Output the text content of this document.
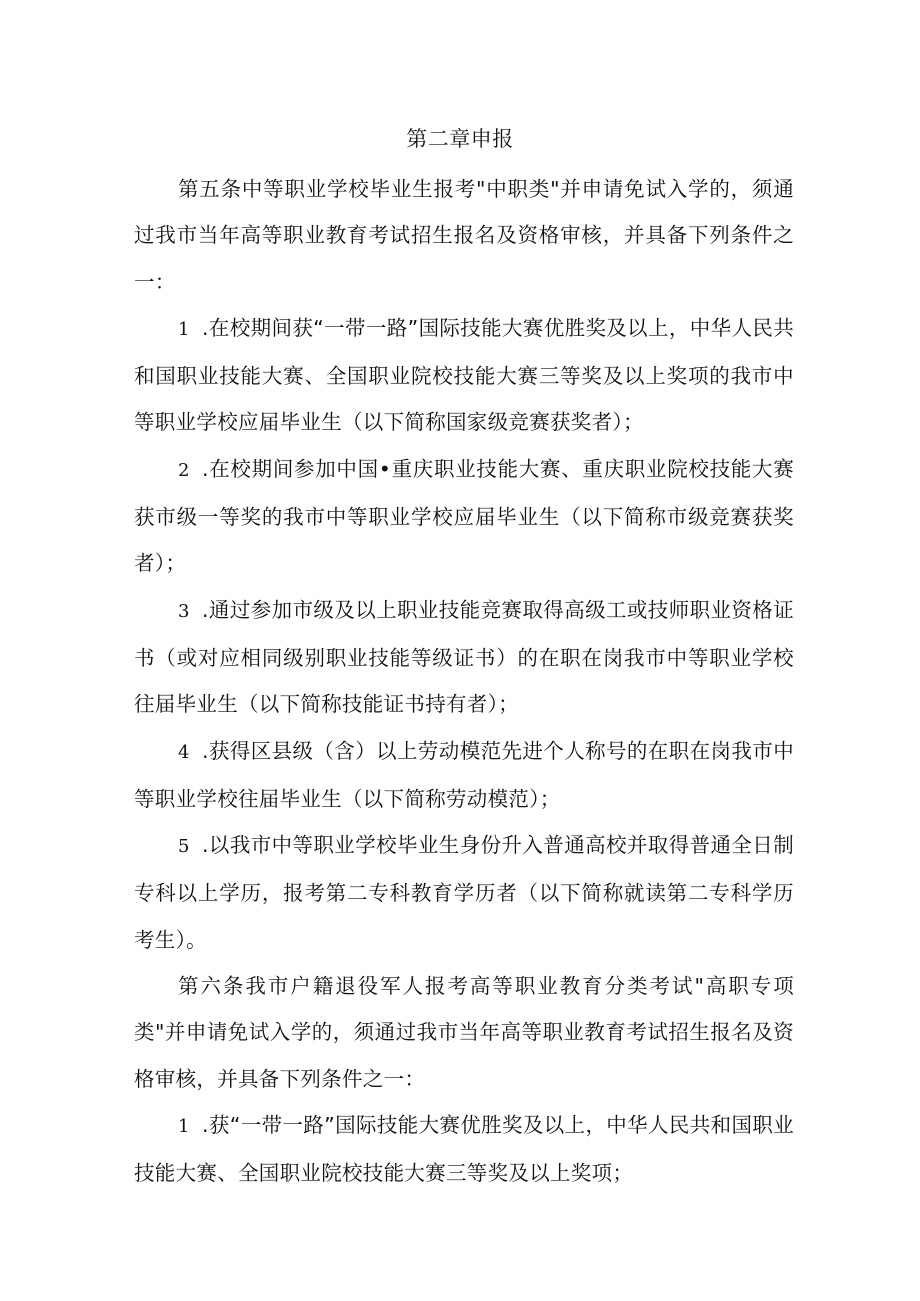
第二章申报

第五条中等职业学校毕业生报考"中职类"并申请免试入学的，须通过我市当年高等职业教育考试招生报名及资格审核，并具备下列条件之一：

1 .在校期间获“一带一路”国际技能大赛优胜奖及以上，中华人民共和国职业技能大赛、全国职业院校技能大赛三等奖及以上奖项的我市中等职业学校应届毕业生（以下简称国家级竞赛获奖者）；

2 .在校期间参加中国•重庆职业技能大赛、重庆职业院校技能大赛获市级一等奖的我市中等职业学校应届毕业生（以下简称市级竞赛获奖者）；

3 .通过参加市级及以上职业技能竞赛取得高级工或技师职业资格证书（或对应相同级别职业技能等级证书）的在职在岗我市中等职业学校往届毕业生（以下简称技能证书持有者）；

4 .获得区县级（含）以上劳动模范先进个人称号的在职在岗我市中等职业学校往届毕业生（以下简称劳动模范）；

5 .以我市中等职业学校毕业生身份升入普通高校并取得普通全日制专科以上学历，报考第二专科教育学历者（以下简称就读第二专科学历考生）。

第六条我市户籍退役军人报考高等职业教育分类考试"高职专项类"并申请免试入学的，须通过我市当年高等职业教育考试招生报名及资格审核，并具备下列条件之一：

1 .获“一带一路”国际技能大赛优胜奖及以上，中华人民共和国职业技能大赛、全国职业院校技能大赛三等奖及以上奖项；
